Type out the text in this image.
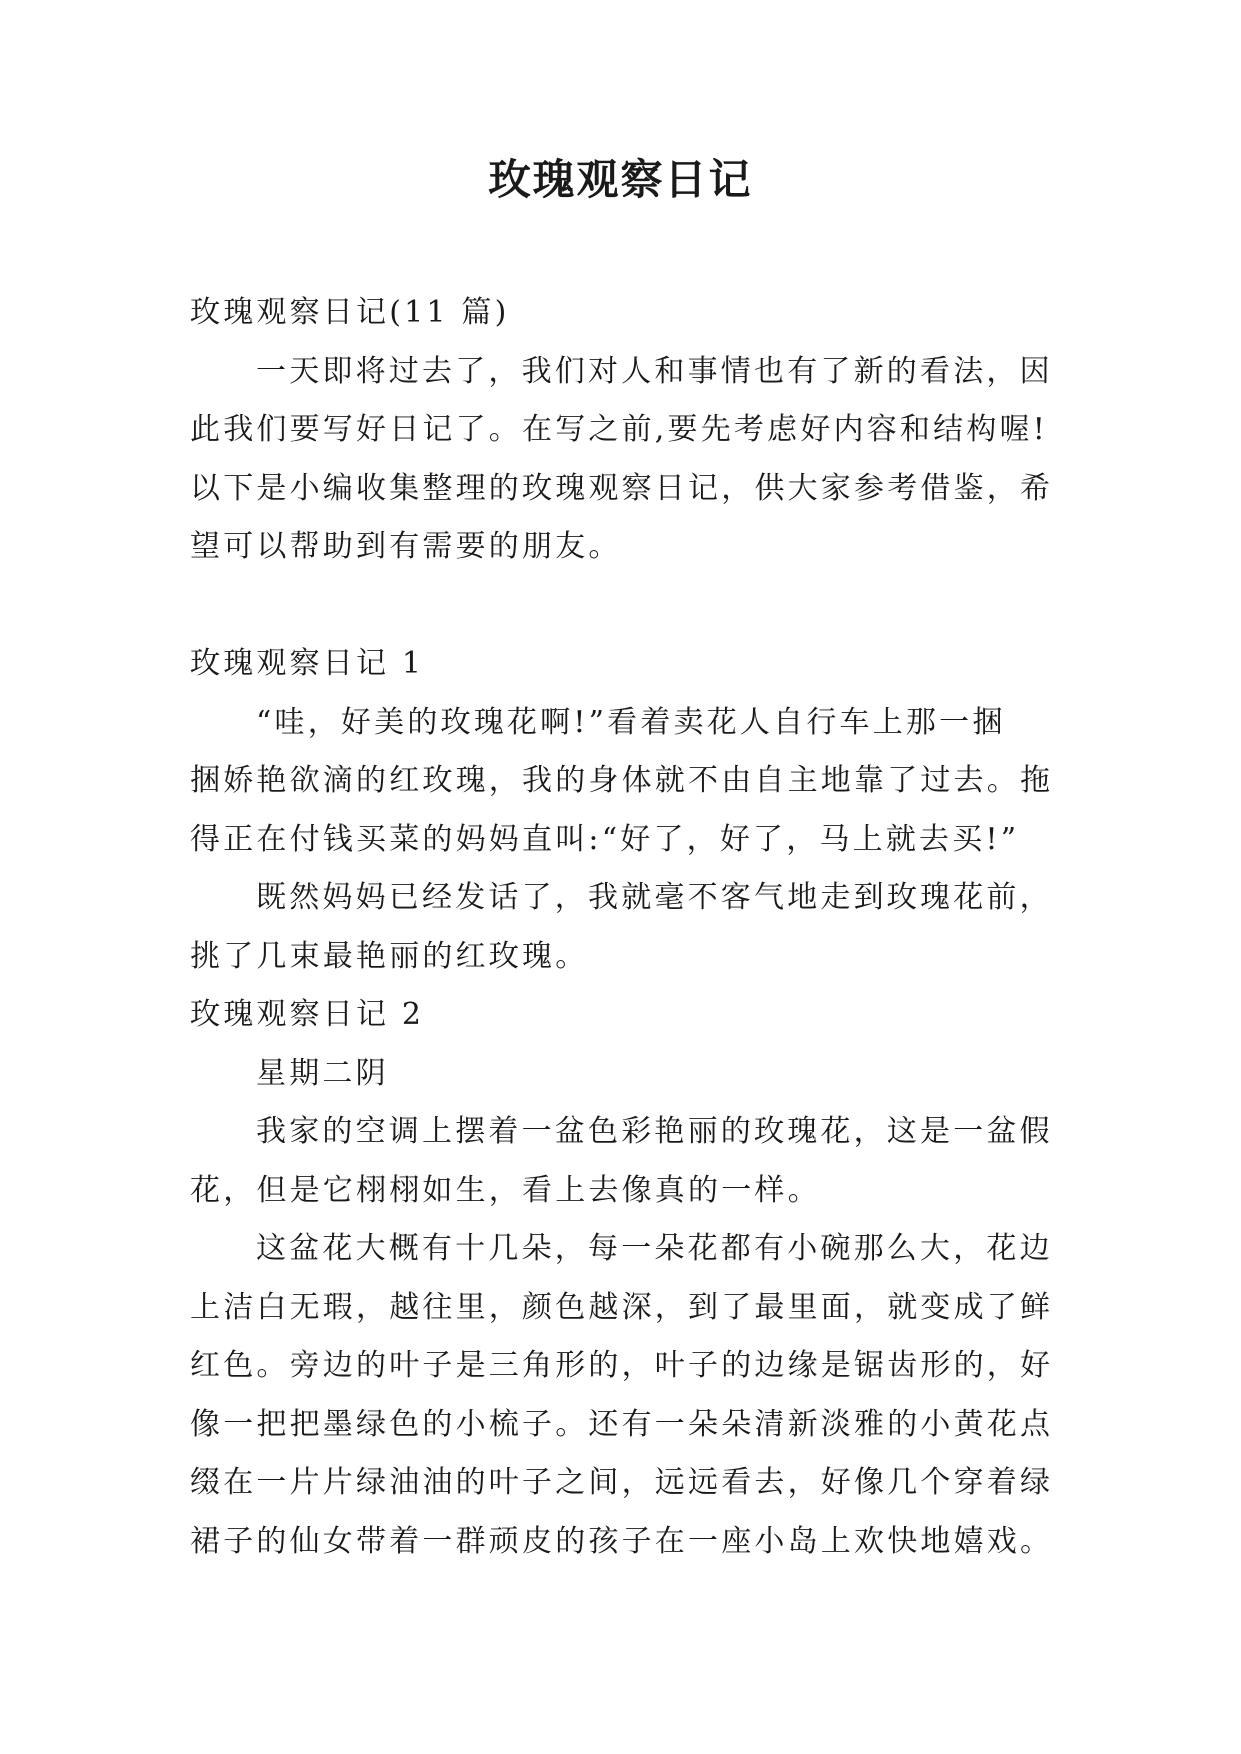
玫瑰观察日记

玫瑰观察日记(11 篇)

一天即将过去了，我们对人和事情也有了新的看法，因

此我们要写好日记了。在写之前,要先考虑好内容和结构喔!

以下是小编收集整理的玫瑰观察日记，供大家参考借鉴，希

望可以帮助到有需要的朋友。

玫瑰观察日记 1

“哇，好美的玫瑰花啊!”看着卖花人自行车上那一捆

捆娇艳欲滴的红玫瑰，我的身体就不由自主地靠了过去。拖

得正在付钱买菜的妈妈直叫:“好了，好了，马上就去买!”

既然妈妈已经发话了，我就毫不客气地走到玫瑰花前，

挑了几束最艳丽的红玫瑰。

玫瑰观察日记 2

星期二阴

我家的空调上摆着一盆色彩艳丽的玫瑰花，这是一盆假

花，但是它栩栩如生，看上去像真的一样。

这盆花大概有十几朵，每一朵花都有小碗那么大，花边

上洁白无瑕，越往里，颜色越深，到了最里面，就变成了鲜

红色。旁边的叶子是三角形的，叶子的边缘是锯齿形的，好

像一把把墨绿色的小梳子。还有一朵朵清新淡雅的小黄花点

缀在一片片绿油油的叶子之间，远远看去，好像几个穿着绿

裙子的仙女带着一群顽皮的孩子在一座小岛上欢快地嬉戏。
